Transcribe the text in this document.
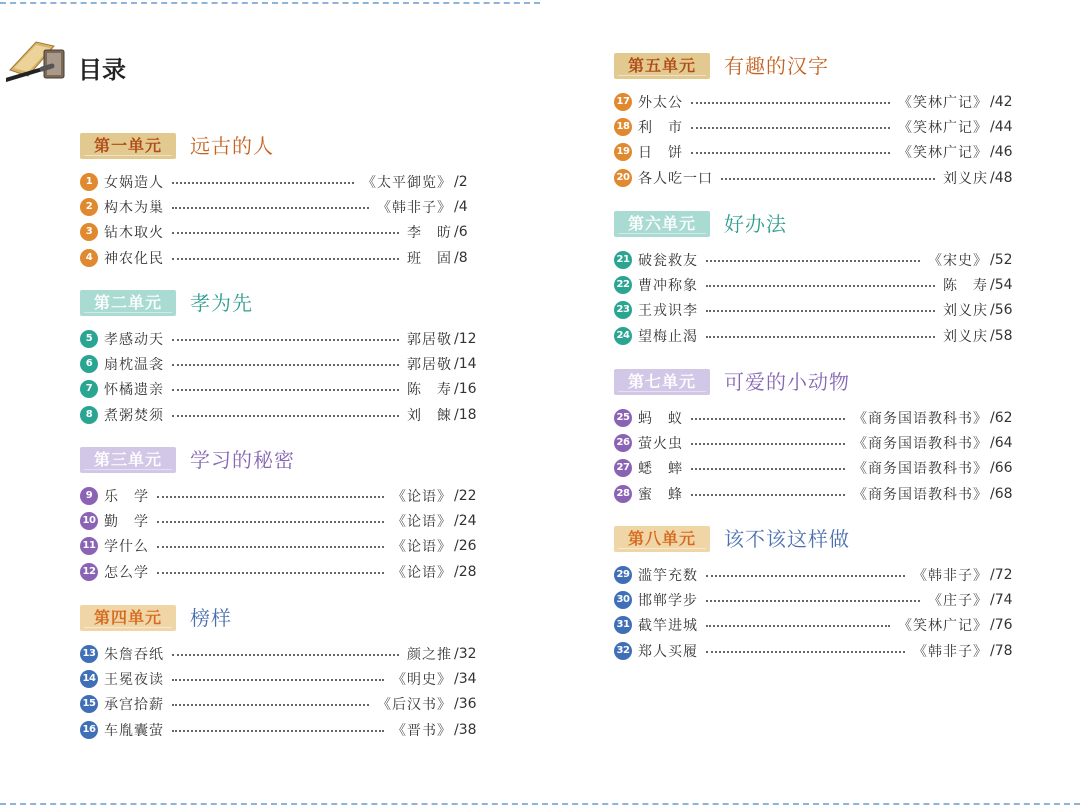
目录
第一单元	远古的人
1 女娲造人	《太平御览》 /2
2 构木为巢	《韩非子》 /4
3 钻木取火	李　昉 /6
4 神农化民	班　固 /8
第二单元	孝为先
5 孝感动天	郭居敬 /12
6 扇枕温衾	郭居敬 /14
7 怀橘遗亲	陈　寿 /16
8 煮粥焚须	刘　餗 /18
第三单元	学习的秘密
9 乐　学	《论语》 /22
10 勤　学	《论语》 /24
11 学什么	《论语》 /26
12 怎么学	《论语》 /28
第四单元	榜样
13 朱詹吞纸	颜之推 /32
14 王冕夜读	《明史》 /34
15 承宫拾薪	《后汉书》 /36
16 车胤囊萤	《晋书》 /38
第五单元	有趣的汉字
17 外太公	《笑林广记》 /42
18 利　市	《笑林广记》 /44
19 日　饼	《笑林广记》 /46
20 各人吃一口	刘义庆 /48
第六单元	好办法
21 破瓮救友	《宋史》 /52
22 曹冲称象	陈　寿 /54
23 王戎识李	刘义庆 /56
24 望梅止渴	刘义庆 /58
第七单元	可爱的小动物
25 蚂　蚁	《商务国语教科书》 /62
26 萤火虫	《商务国语教科书》 /64
27 蟋　蟀	《商务国语教科书》 /66
28 蜜　蜂	《商务国语教科书》 /68
第八单元	该不该这样做
29 滥竽充数	《韩非子》 /72
30 邯郸学步	《庄子》 /74
31 截竿进城	《笑林广记》 /76
32 郑人买履	《韩非子》 /78
